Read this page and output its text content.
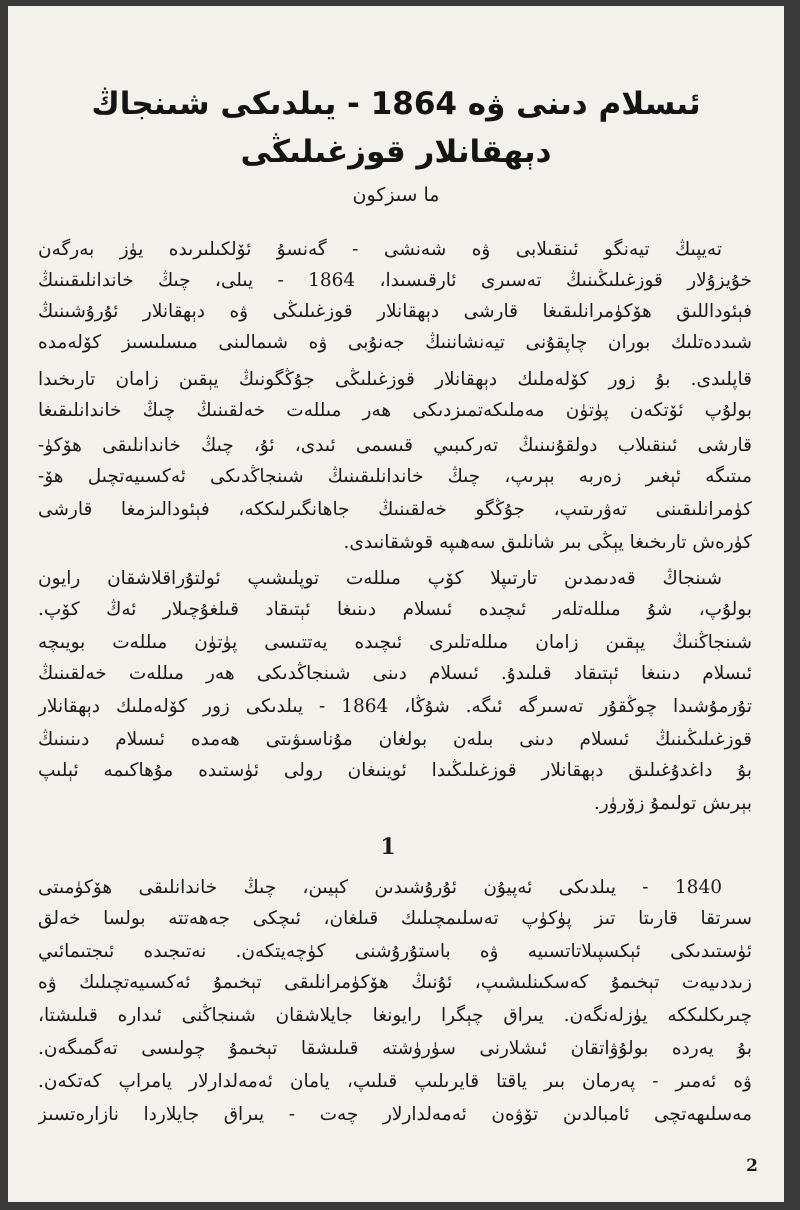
ئىسلام دىنى ۋە 1864 - يىلدىكى شىنجاڭ
دېھقانلار قوزغىلىڭى
ما سىزكون
تەيپىڭ تيەنگو ئىنقىلابى ۋە شەنشى - گەنسۇ ئۆلكىلىرىدە يۈز بەرگەن
خۇيزۇلار قوزغىلىڭىنىڭ تەسىرى ئارقىسىدا، 1864 - يىلى، چىڭ خاندانلىقىنىڭ
فېئوداللىق ھۆكۈمرانلىقىغا قارشى دېھقانلار قوزغىلىڭى ۋە دېھقانلار ئۇرۇشىنىڭ
شىددەتلىك بوران چاپقۇنى تيەنشاننىڭ جەنۇبى ۋە شىمالىنى مىسلىسىز كۆلەمدە
قاپلىدى. بۇ زور كۆلەملىك دېھقانلار قوزغىلىڭى جۇڭگونىڭ يېقىن زامان تارىخىدا
بولۇپ ئۆتكەن پۈتۈن مەملىكەتمىزدىكى ھەر مىللەت خەلقىنىڭ چىڭ خاندانلىقىغا
قارشى ئىنقىلاب دولقۇنىنىڭ تەركىبىي قىسمى ئىدى، ئۇ، چىڭ خاندانلىقى ھۆكۈ-
مىتىگە ئېغىر زەربە بېرىپ، چىڭ خاندانلىقىنىڭ شىنجاڭدىكى ئەكسىيەتچىل ھۆ-
كۈمرانلىقىنى تەۋرىتىپ، جۇڭگو خەلقىنىڭ جاھانگىرلىككە، فېئودالىزمغا قارشى
كۈرەش تارىخىغا يېڭى بىر شانلىق سەھىپە قوشقانىدى.
شىنجاڭ قەدىمدىن تارتىپلا كۆپ مىللەت توپلىشىپ ئولتۇراقلاشقان رايون
بولۇپ، شۇ مىللەتلەر ئىچىدە ئىسلام دىنىغا ئېتىقاد قىلغۇچىلار ئەڭ كۆپ.
شىنجاڭنىڭ يېقىن زامان مىللەتلىرى ئىچىدە يەتتىسى پۈتۈن مىللەت بويىچە
ئىسلام دىنىغا ئېتىقاد قىلىدۇ. ئىسلام دىنى شىنجاڭدىكى ھەر مىللەت خەلقىنىڭ
تۇرمۇشىدا چوڭقۇر تەسىرگە ئىگە. شۇڭا، 1864 - يىلدىكى زور كۆلەملىك دېھقانلار
قوزغىلىڭىنىڭ ئىسلام دىنى بىلەن بولغان مۇناسىۋىتى ھەمدە ئىسلام دىنىنىڭ
بۇ داغدۇغىلىق دېھقانلار قوزغىلىڭىدا ئوينىغان رولى ئۈستىدە مۇھاكىمە ئېلىپ
بېرىش تولىمۇ زۆرۈر.
1
1840 - يىلدىكى ئەپيۇن ئۇرۇشىدىن كېيىن، چىڭ خاندانلىقى ھۆكۈمىتى
سىرتقا قارىتا تىز پۈكۈپ تەسلىمچىلىك قىلغان، ئىچكى جەھەتتە بولسا خەلق
ئۈستىدىكى ئېكسپىلاتاتسىيە ۋە باستۇرۇشنى كۈچەيتكەن. نەتىجىدە ئىجتىمائىي
زىددىيەت تېخىمۇ كەسكىنلىشىپ، ئۇنىڭ ھۆكۈمرانلىقى تېخىمۇ ئەكسىيەتچىلىك ۋە
چىرىكلىككە يۈزلەنگەن. يىراق چېگرا رايونغا جايلاشقان شىنجاڭنى ئىدارە قىلىشتا،
بۇ يەردە بولۇۋاتقان ئىشلارنى سۈرۈشتە قىلىشقا تېخىمۇ چولىسى تەگمىگەن.
ۋە ئەمىر - پەرمان بىر ياقتا قايرىلىپ قىلىپ، يامان ئەمەلدارلار يامراپ كەتكەن.
مەسلىھەتچى ئامبالدىن تۆۋەن ئەمەلدارلار چەت - يىراق جايلاردا نازارەتسىز
2
